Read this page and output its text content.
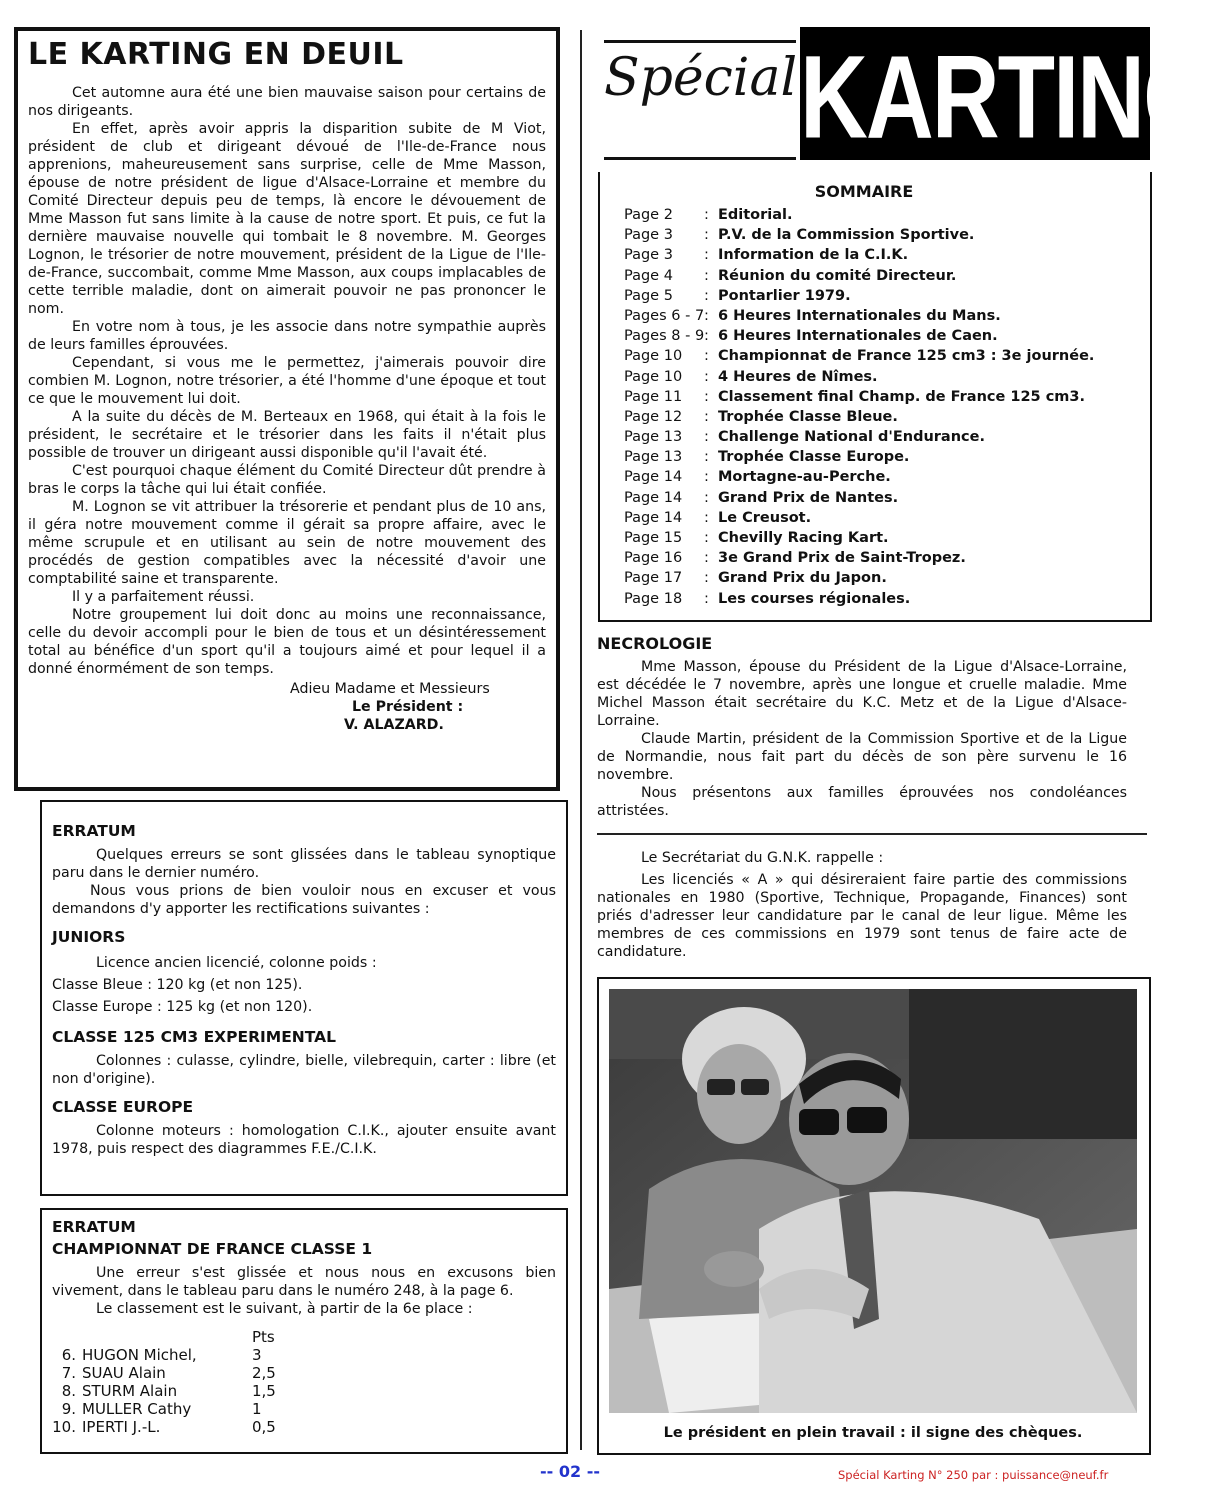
LE KARTING EN DEUIL

Cet automne aura été une bien mauvaise saison pour certains de nos dirigeants.

En effet, après avoir appris la disparition subite de M Viot, président de club et dirigeant dévoué de l'Ile-de-France nous apprenions, maheureusement sans surprise, celle de Mme Masson, épouse de notre président de ligue d'Alsace-Lorraine et membre du Comité Directeur depuis peu de temps, là encore le dévouement de Mme Masson fut sans limite à la cause de notre sport. Et puis, ce fut la dernière mauvaise nouvelle qui tombait le 8 novembre. M. Georges Lognon, le trésorier de notre mouvement, président de la Ligue de l'Ile-de-France, succombait, comme Mme Masson, aux coups implacables de cette terrible maladie, dont on aimerait pouvoir ne pas prononcer le nom.

En votre nom à tous, je les associe dans notre sympathie auprès de leurs familles éprouvées.

Cependant, si vous me le permettez, j'aimerais pouvoir dire combien M. Lognon, notre trésorier, a été l'homme d'une époque et tout ce que le mouvement lui doit.

A la suite du décès de M. Berteaux en 1968, qui était à la fois le président, le secrétaire et le trésorier dans les faits il n'était plus possible de trouver un dirigeant aussi disponible qu'il l'avait été.

C'est pourquoi chaque élément du Comité Directeur dût prendre à bras le corps la tâche qui lui était confiée.

M. Lognon se vit attribuer la trésorerie et pendant plus de 10 ans, il géra notre mouvement comme il gérait sa propre affaire, avec le même scrupule et en utilisant au sein de notre mouvement des procédés de gestion compatibles avec la nécessité d'avoir une comptabilité saine et transparente.

Il y a parfaitement réussi.

Notre groupement lui doit donc au moins une reconnaissance, celle du devoir accompli pour le bien de tous et un désintéressement total au bénéfice d'un sport qu'il a toujours aimé et pour lequel il a donné énormément de son temps.

Adieu Madame et Messieurs

Le Président :

V. ALAZARD.

ERRATUM

Quelques erreurs se sont glissées dans le tableau synoptique paru dans le dernier numéro.

Nous vous prions de bien vouloir nous en excuser et vous demandons d'y apporter les rectifications suivantes :

JUNIORS

Licence ancien licencié, colonne poids :

Classe Bleue : 120 kg (et non 125).

Classe Europe : 125 kg (et non 120).

CLASSE 125 CM3 EXPERIMENTAL

Colonnes : culasse, cylindre, bielle, vilebrequin, carter : libre (et non d'origine).

CLASSE EUROPE

Colonne moteurs : homologation C.I.K., ajouter ensuite avant 1978, puis respect des diagrammes F.E./C.I.K.

ERRATUM
CHAMPIONNAT DE FRANCE CLASSE 1

Une erreur s'est glissée et nous nous en excusons bien vivement, dans le tableau paru dans le numéro 248, à la page 6.

Le classement est le suivant, à partir de la 6e place :

Pts
6. HUGON Michel,	3
7. SUAU Alain	2,5
8. STURM Alain	1,5
9. MULLER Cathy	1
10. IPERTI J.-L.	0,5
Spécial KARTING
SOMMAIRE
Page 2	: Editorial.
Page 3	: P.V. de la Commission Sportive.
Page 3	: Information de la C.I.K.
Page 4	: Réunion du comité Directeur.
Page 5	: Pontarlier 1979.
Pages 6 - 7 : 6 Heures Internationales du Mans.
Pages 8 - 9 : 6 Heures Internationales de Caen.
Page 10	: Championnat de France 125 cm3 : 3e journée.
Page 10	: 4 Heures de Nîmes.
Page 11	: Classement final Champ. de France 125 cm3.
Page 12	: Trophée Classe Bleue.
Page 13	: Challenge National d'Endurance.
Page 13	: Trophée Classe Europe.
Page 14	: Mortagne-au-Perche.
Page 14	: Grand Prix de Nantes.
Page 14	: Le Creusot.
Page 15	: Chevilly Racing Kart.
Page 16	: 3e Grand Prix de Saint-Tropez.
Page 17	: Grand Prix du Japon.
Page 18	: Les courses régionales.
NECROLOGIE

Mme Masson, épouse du Président de la Ligue d'Alsace-Lorraine, est décédée le 7 novembre, après une longue et cruelle maladie. Mme Michel Masson était secrétaire du K.C. Metz et de la Ligue d'Alsace-Lorraine.

Claude Martin, président de la Commission Sportive et de la Ligue de Normandie, nous fait part du décès de son père survenu le 16 novembre.

Nous présentons aux familles éprouvées nos condoléances attristées.

Le Secrétariat du G.N.K. rappelle :

Les licenciés « A » qui désireraient faire partie des commissions nationales en 1980 (Sportive, Technique, Propagande, Finances) sont priés d'adresser leur candidature par le canal de leur ligue. Même les membres de ces commissions en 1979 sont tenus de faire acte de candidature.

Le président en plein travail : il signe des chèques.
-- 02 --	Spécial Karting N° 250 par : puissance@neuf.fr
